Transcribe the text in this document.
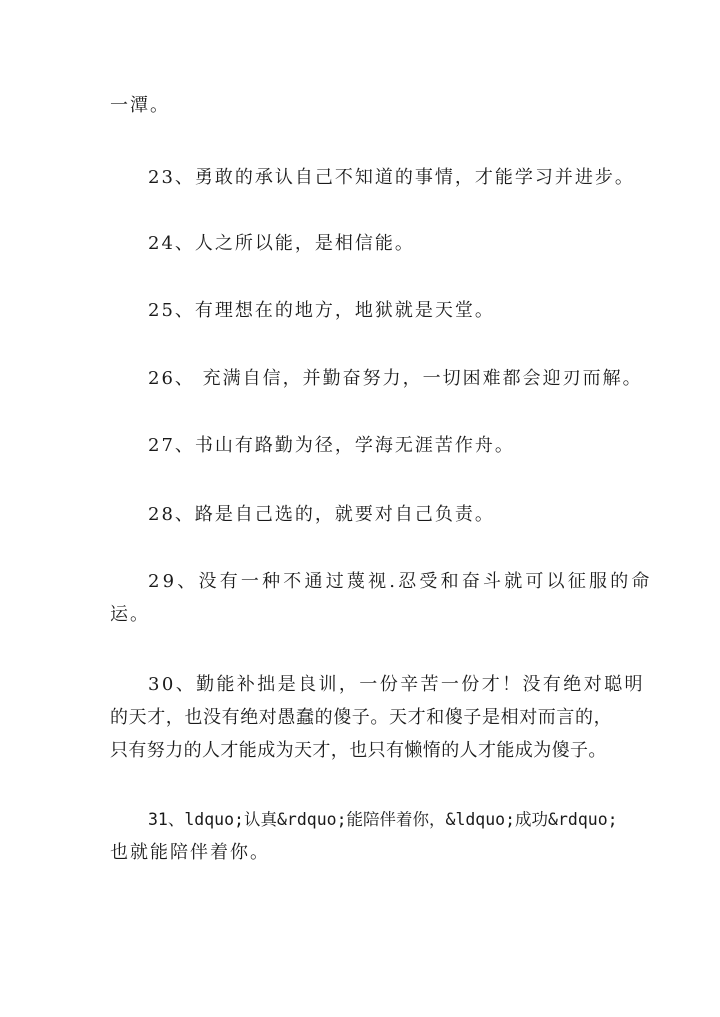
一潭。
23、勇敢的承认自己不知道的事情，才能学习并进步。
24、人之所以能，是相信能。
25、有理想在的地方，地狱就是天堂。
26、 充满自信，并勤奋努力，一切困难都会迎刃而解。
27、书山有路勤为径，学海无涯苦作舟。
28、路是自己选的，就要对自己负责。
29、没有一种不通过蔑视.忍受和奋斗就可以征服的命
运。
30、勤能补拙是良训，一份辛苦一份才！没有绝对聪明
的天才，也没有绝对愚蠢的傻子。天才和傻子是相对而言的，
只有努力的人才能成为天才，也只有懒惰的人才能成为傻子。
31、ldquo;认真&rdquo;能陪伴着你，&ldquo;成功&rdquo;
也就能陪伴着你。
